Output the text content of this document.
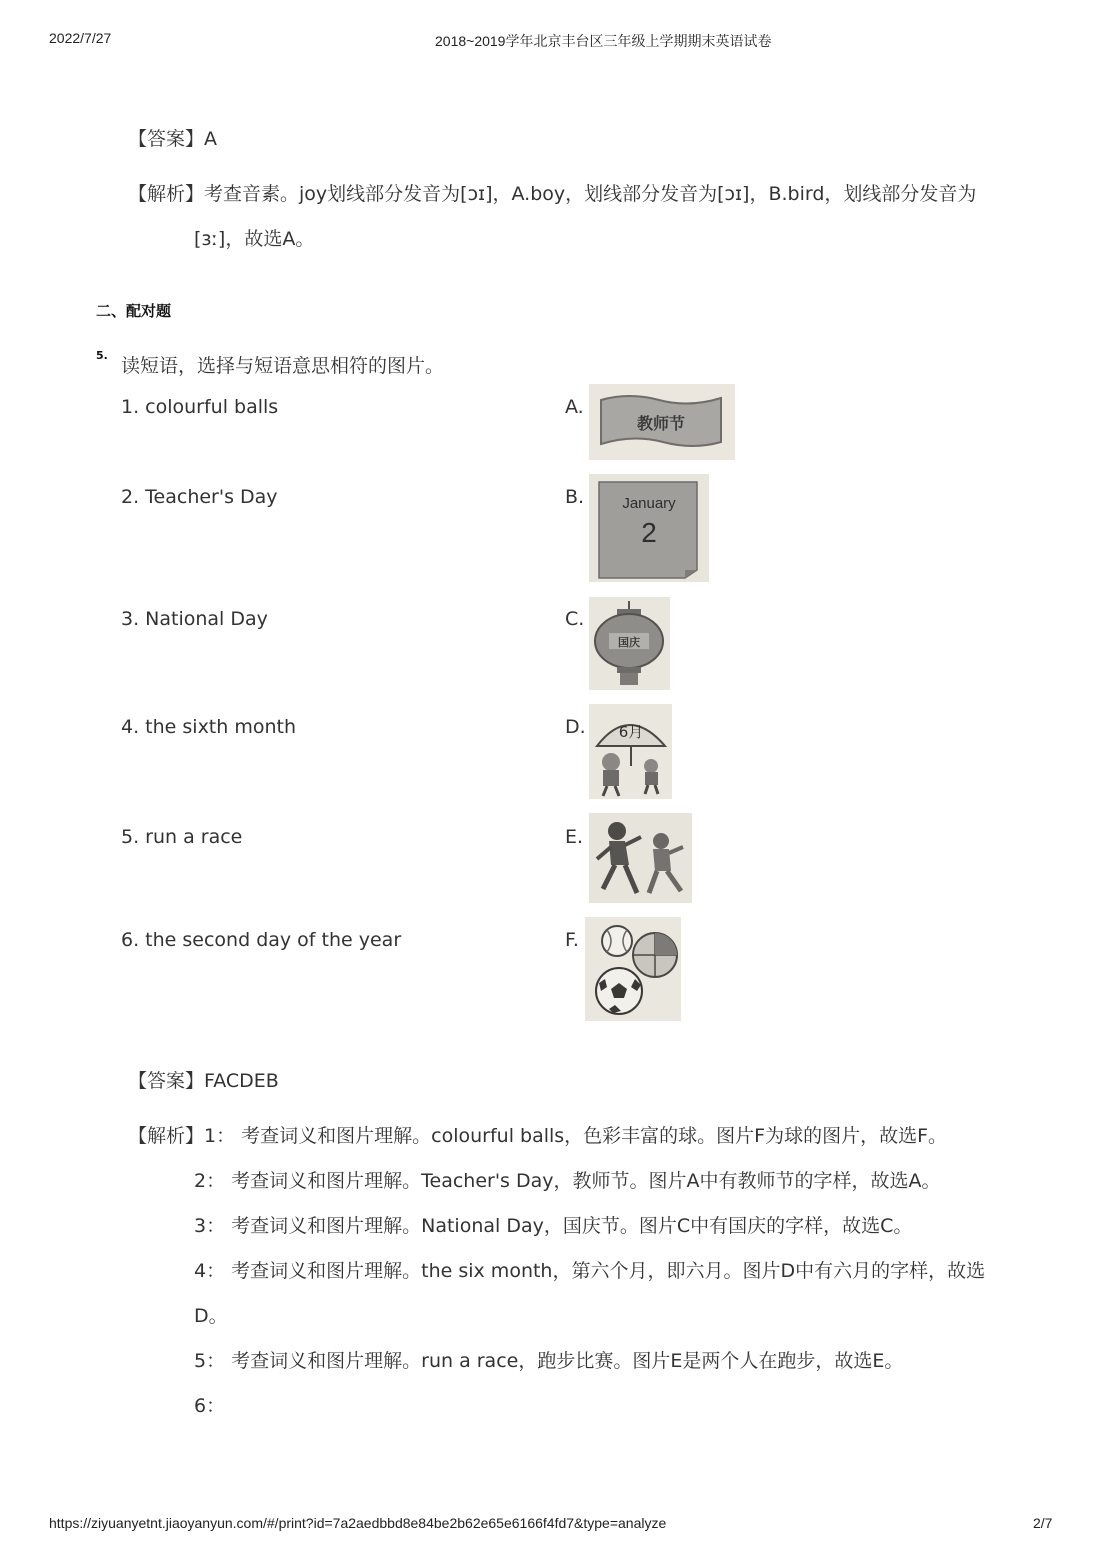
2022/7/27	2018~2019学年北京丰台区三年级上学期期末英语试卷
【答案】A
【解析】考查音素。joy划线部分发音为[ɔɪ]，A.boy，划线部分发音为[ɔɪ]，B.bird，划线部分发音为
[ɜː]，故选A。
二、配对题
5. 读短语，选择与短语意思相符的图片。
1. colourful balls
2. Teacher's Day
3. National Day
4. the sixth month
5. run a race
6. the second day of the year
A.
B.
C.
D.
E.
F.
教师节
January
2
国庆
6月
【答案】FACDEB
【解析】1： 考查词义和图片理解。colourful balls，色彩丰富的球。图片F为球的图片，故选F。
2： 考查词义和图片理解。Teacher's Day，教师节。图片A中有教师节的字样，故选A。
3： 考查词义和图片理解。National Day，国庆节。图片C中有国庆的字样，故选C。
4： 考查词义和图片理解。the six month，第六个月，即六月。图片D中有六月的字样，故选
D。
5： 考查词义和图片理解。run a race，跑步比赛。图片E是两个人在跑步，故选E。
6：
https://ziyuanyetnt.jiaoyanyun.com/#/print?id=7a2aedbbd8e84be2b62e65e6166f4fd7&type=analyze	2/7
